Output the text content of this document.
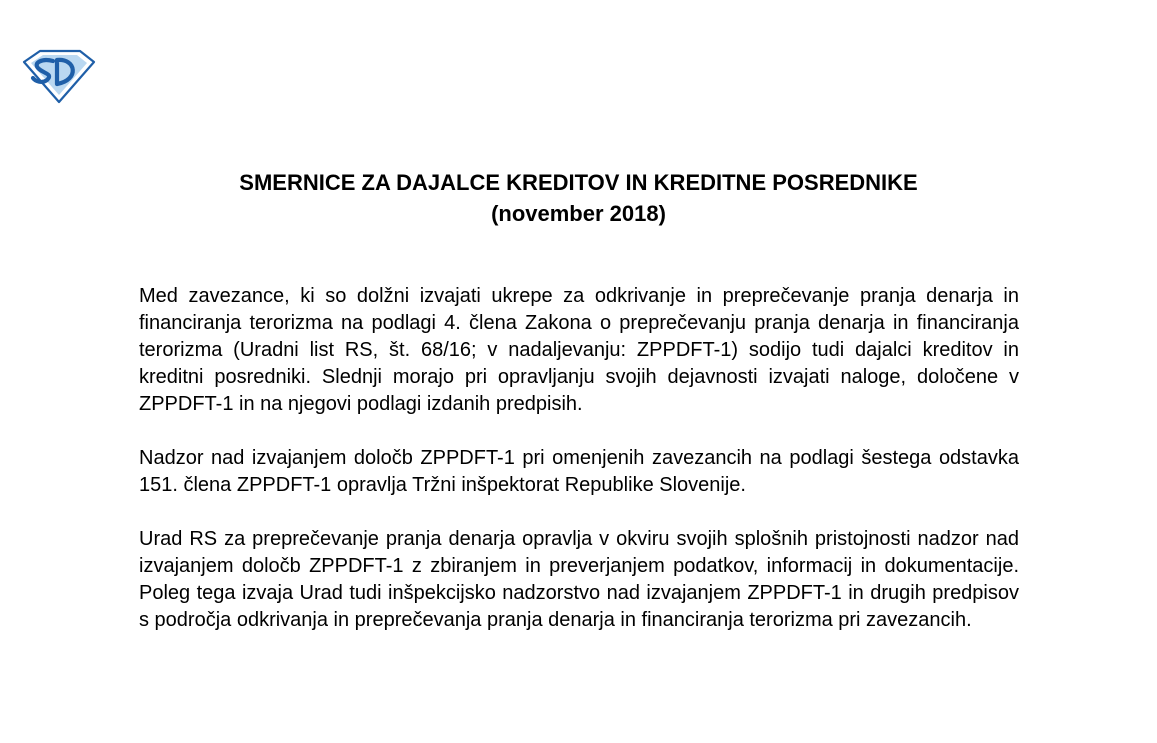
SMERNICE ZA DAJALCE KREDITOV IN KREDITNE POSREDNIKE
(november 2018)

Med zavezance, ki so dolžni izvajati ukrepe za odkrivanje in preprečevanje pranja denarja in financiranja terorizma na podlagi 4. člena Zakona o preprečevanju pranja denarja in financiranja terorizma (Uradni list RS, št. 68/16; v nadaljevanju: ZPPDFT-1) sodijo tudi dajalci kreditov in kreditni posredniki. Slednji morajo pri opravljanju svojih dejavnosti izvajati naloge, določene v ZPPDFT-1 in na njegovi podlagi izdanih predpisih.

Nadzor nad izvajanjem določb ZPPDFT-1 pri omenjenih zavezancih na podlagi šestega odstavka 151. člena ZPPDFT-1 opravlja Tržni inšpektorat Republike Slovenije.

Urad RS za preprečevanje pranja denarja opravlja v okviru svojih splošnih pristojnosti nadzor nad izvajanjem določb ZPPDFT-1 z zbiranjem in preverjanjem podatkov, informacij in dokumentacije. Poleg tega izvaja Urad tudi inšpekcijsko nadzorstvo nad izvajanjem ZPPDFT-1 in drugih predpisov s področja odkrivanja in preprečevanja pranja denarja in financiranja terorizma pri zavezancih.
